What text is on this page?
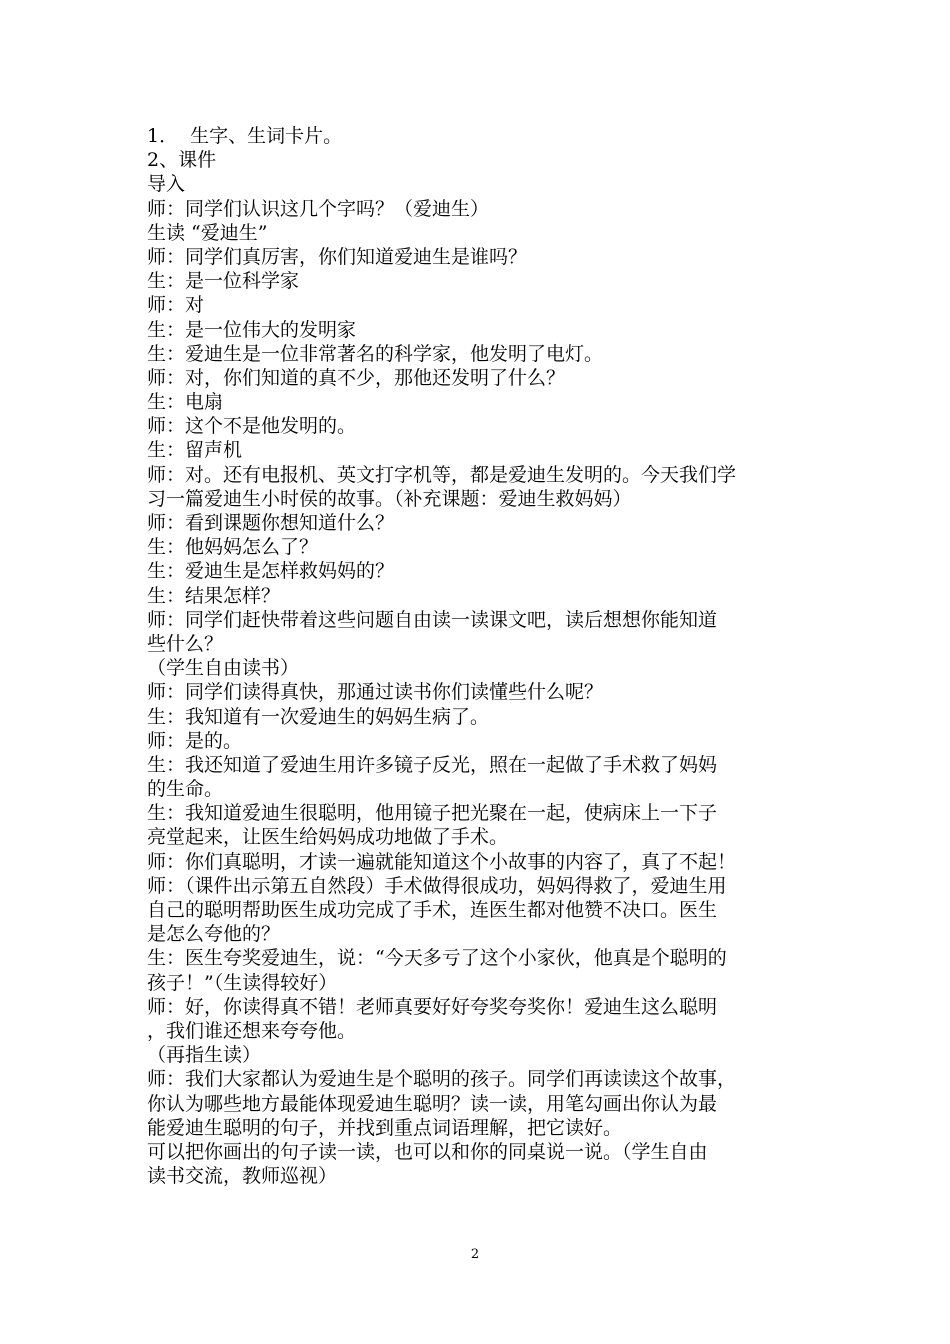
1．  生字、生词卡片。
2、课件
导入
师：同学们认识这几个字吗？（爱迪生）
生读 “爱迪生”
师：同学们真厉害，你们知道爱迪生是谁吗？
生：是一位科学家
师：对
生：是一位伟大的发明家
生：爱迪生是一位非常著名的科学家，他发明了电灯。
师：对，你们知道的真不少，那他还发明了什么？
生：电扇
师：这个不是他发明的。
生：留声机
师：对。还有电报机、英文打字机等，都是爱迪生发明的。今天我们学
习一篇爱迪生小时侯的故事。（补充课题：爱迪生救妈妈）
师：看到课题你想知道什么？
生：他妈妈怎么了？
生：爱迪生是怎样救妈妈的？
生：结果怎样？
师：同学们赶快带着这些问题自由读一读课文吧，读后想想你能知道
些什么？
（学生自由读书）
师：同学们读得真快，那通过读书你们读懂些什么呢？
生：我知道有一次爱迪生的妈妈生病了。
师：是的。
生：我还知道了爱迪生用许多镜子反光，照在一起做了手术救了妈妈
的生命。
生：我知道爱迪生很聪明，他用镜子把光聚在一起，使病床上一下子
亮堂起来，让医生给妈妈成功地做了手术。
师：你们真聪明，才读一遍就能知道这个小故事的内容了，真了不起！
师：（课件出示第五自然段）手术做得很成功，妈妈得救了，爱迪生用
自己的聪明帮助医生成功完成了手术，连医生都对他赞不决口。医生
是怎么夸他的？
生：医生夸奖爱迪生，说：“今天多亏了这个小家伙，他真是个聪明的
孩子！”（生读得较好）
师：好，你读得真不错！老师真要好好夸奖夸奖你！爱迪生这么聪明
，我们谁还想来夸夸他。
（再指生读）
师：我们大家都认为爱迪生是个聪明的孩子。同学们再读读这个故事，
你认为哪些地方最能体现爱迪生聪明？读一读，用笔勾画出你认为最
能爱迪生聪明的句子，并找到重点词语理解，把它读好。
可以把你画出的句子读一读，也可以和你的同桌说一说。（学生自由
读书交流，教师巡视）
2
